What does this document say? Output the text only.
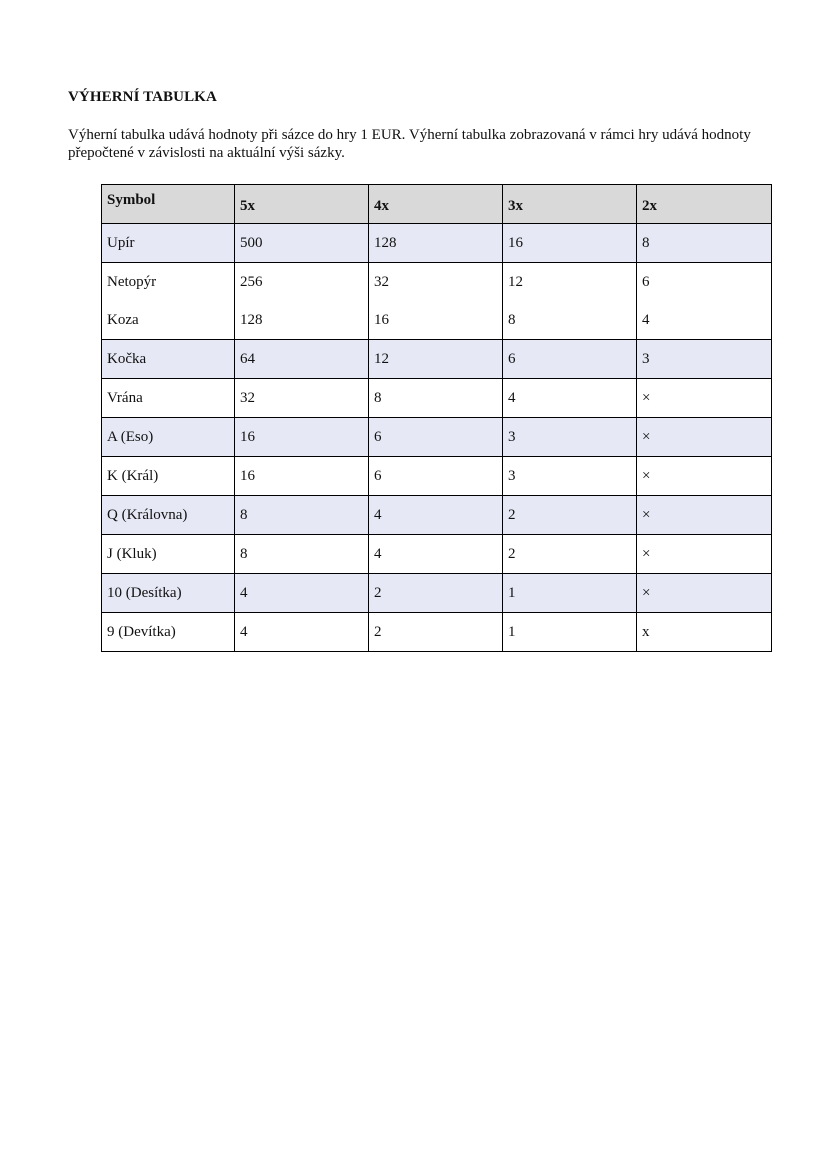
VÝHERNÍ TABULKA

Výherní tabulka udává hodnoty při sázce do hry 1 EUR. Výherní tabulka zobrazovaná v rámci hry udává hodnoty přepočtené v závislosti na aktuální výši sázky.

Symbol	5x	4x	3x	2x
Upír	500	128	16	8
Netopýr	256	32	12	6
Koza	128	16	8	4
Kočka	64	12	6	3
Vrána	32	8	4	×
A (Eso)	16	6	3	×
K (Král)	16	6	3	×
Q (Královna)	8	4	2	×
J (Kluk)	8	4	2	×
10 (Desítka)	4	2	1	×
9 (Devítka)	4	2	1	x
